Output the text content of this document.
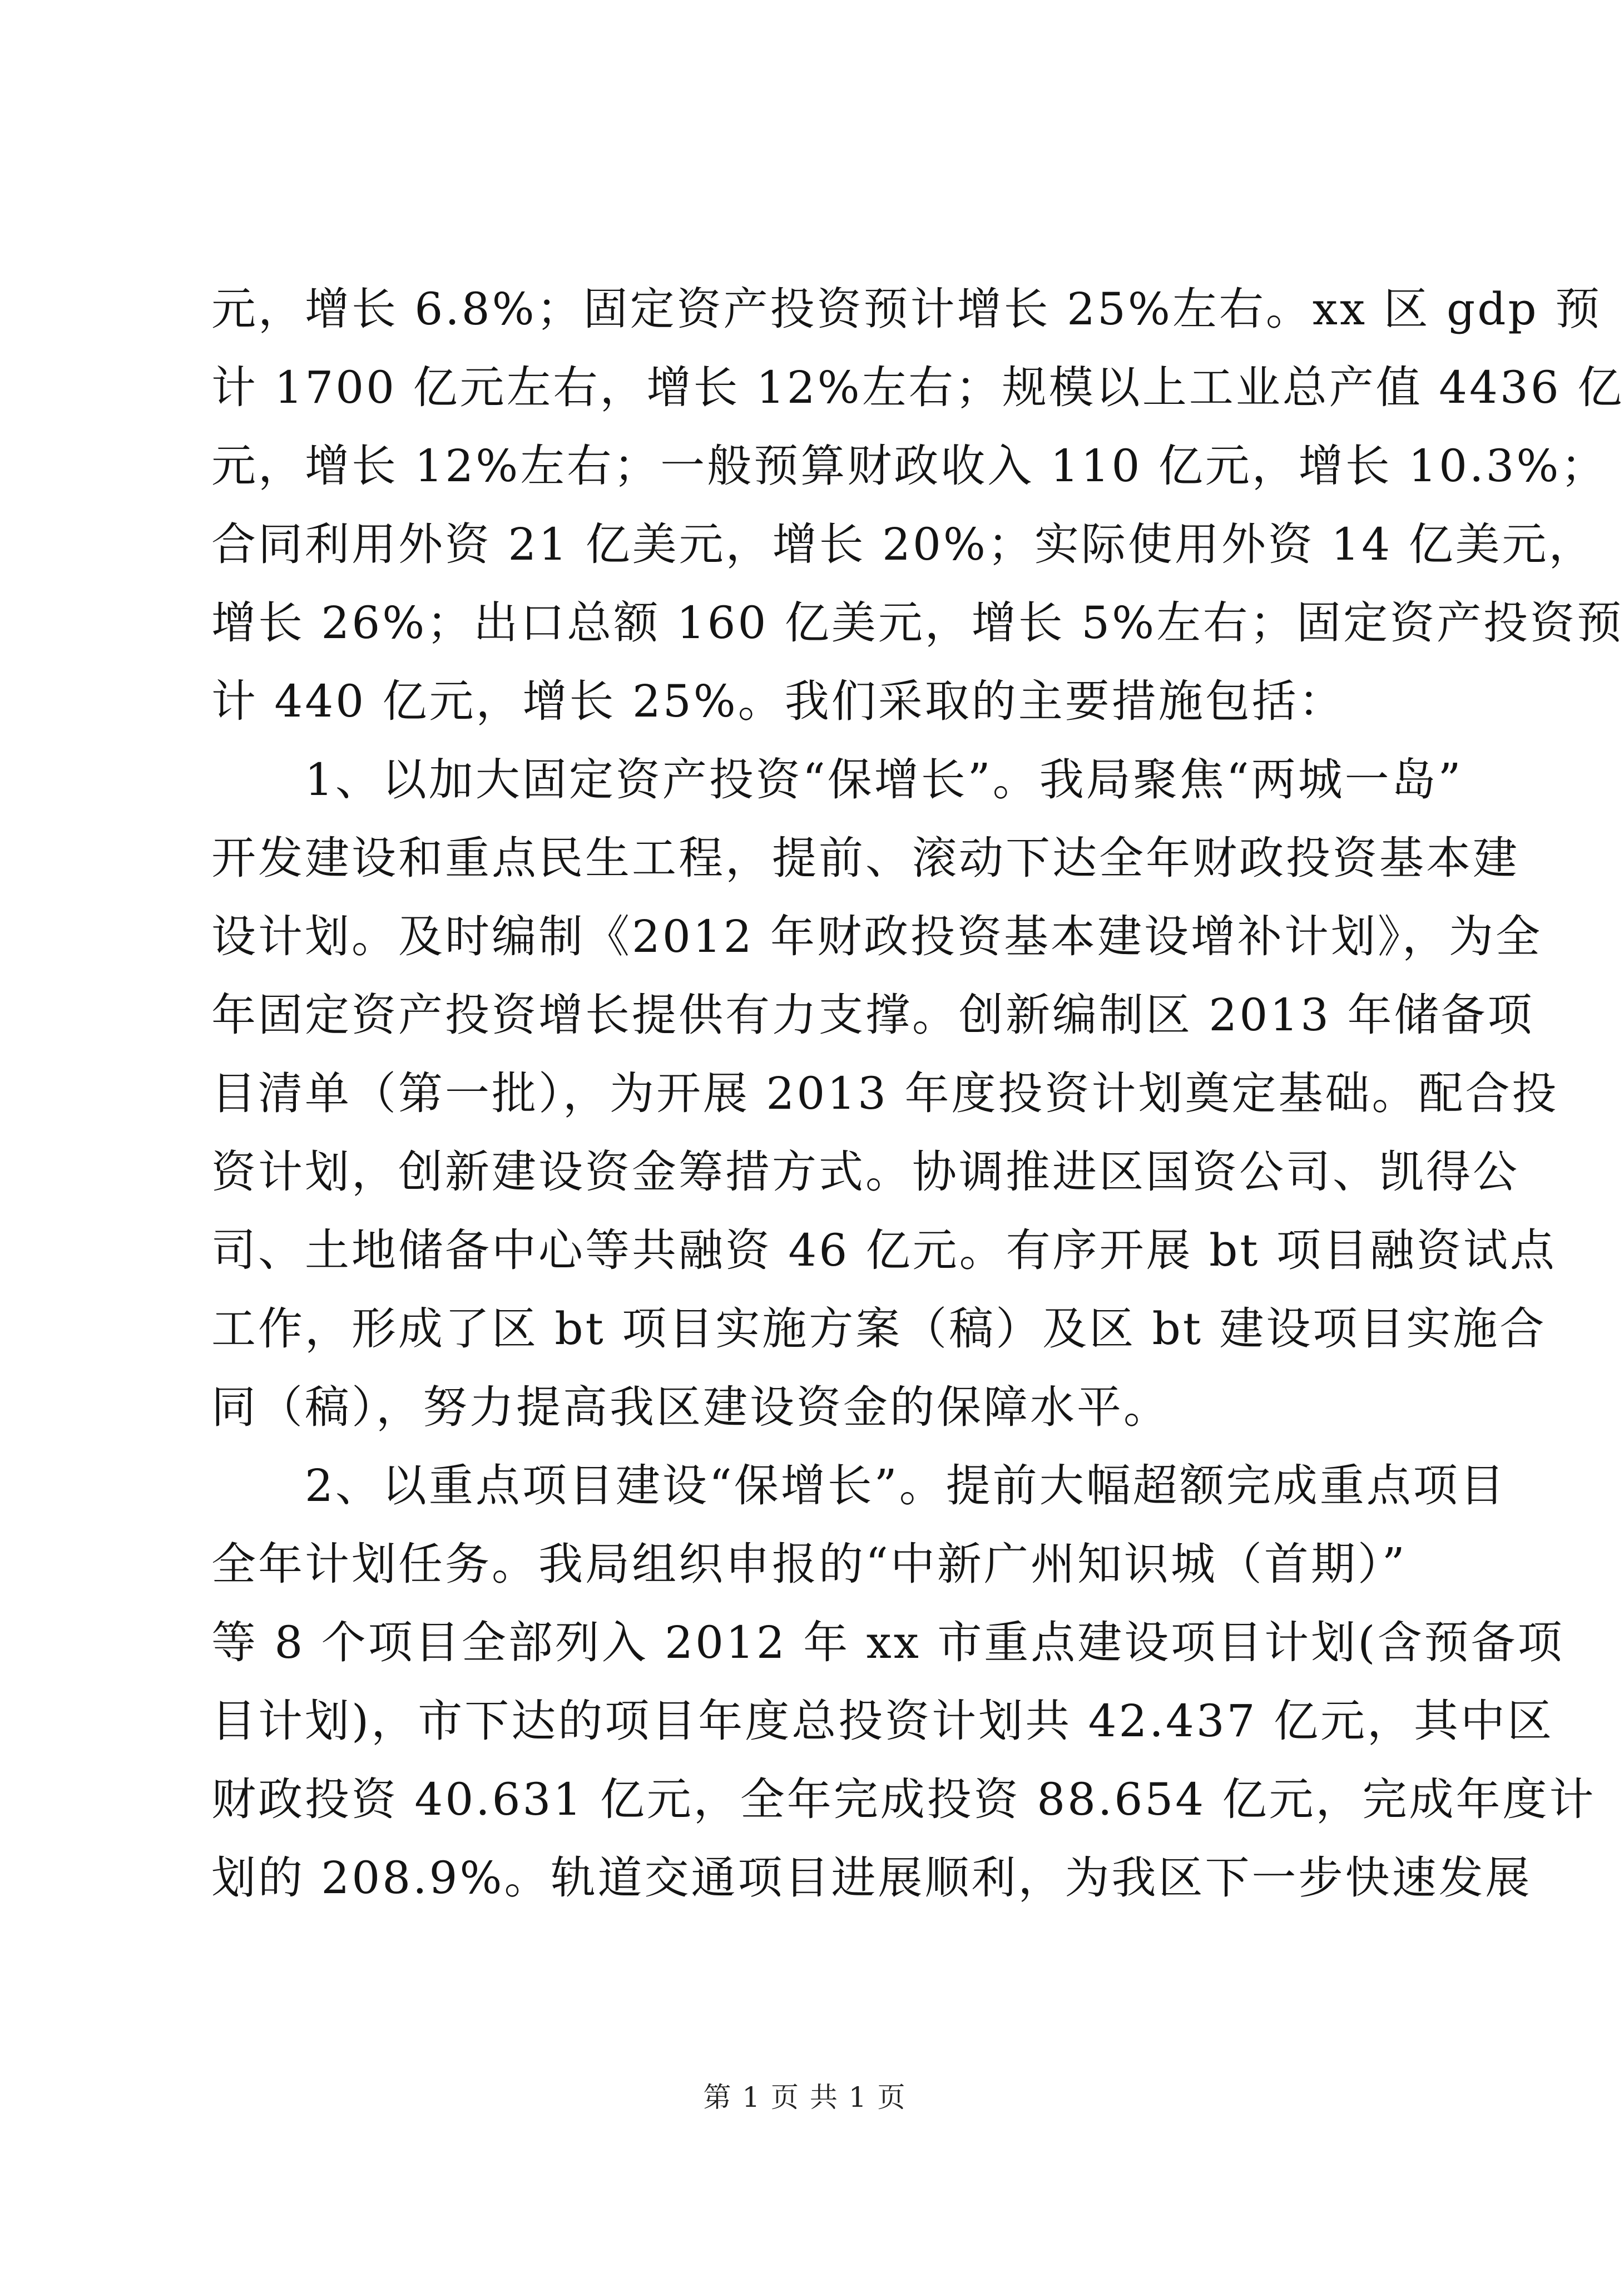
元，增长 6.8%；固定资产投资预计增长 25%左右。xx 区 gdp 预
计 1700 亿元左右，增长 12%左右；规模以上工业总产值 4436 亿
元，增长 12%左右；一般预算财政收入 110 亿元，增长 10.3%；
合同利用外资 21 亿美元，增长 20%；实际使用外资 14 亿美元，
增长 26%；出口总额 160 亿美元，增长 5%左右；固定资产投资预
计 440 亿元，增长 25%。我们采取的主要措施包括：
1、以加大固定资产投资“保增长”。我局聚焦“两城一岛”
开发建设和重点民生工程，提前、滚动下达全年财政投资基本建
设计划。及时编制《2012 年财政投资基本建设增补计划》，为全
年固定资产投资增长提供有力支撑。创新编制区 2013 年储备项
目清单（第一批），为开展 2013 年度投资计划奠定基础。配合投
资计划，创新建设资金筹措方式。协调推进区国资公司、凯得公
司、土地储备中心等共融资 46 亿元。有序开展 bt 项目融资试点
工作，形成了区 bt 项目实施方案（稿）及区 bt 建设项目实施合
同（稿），努力提高我区建设资金的保障水平。
2、以重点项目建设“保增长”。提前大幅超额完成重点项目
全年计划任务。我局组织申报的“中新广州知识城（首期）”
等 8 个项目全部列入 2012 年 xx 市重点建设项目计划(含预备项
目计划)，市下达的项目年度总投资计划共 42.437 亿元，其中区
财政投资 40.631 亿元，全年完成投资 88.654 亿元，完成年度计
划的 208.9%。轨道交通项目进展顺利，为我区下一步快速发展
第 1 页 共 1 页
